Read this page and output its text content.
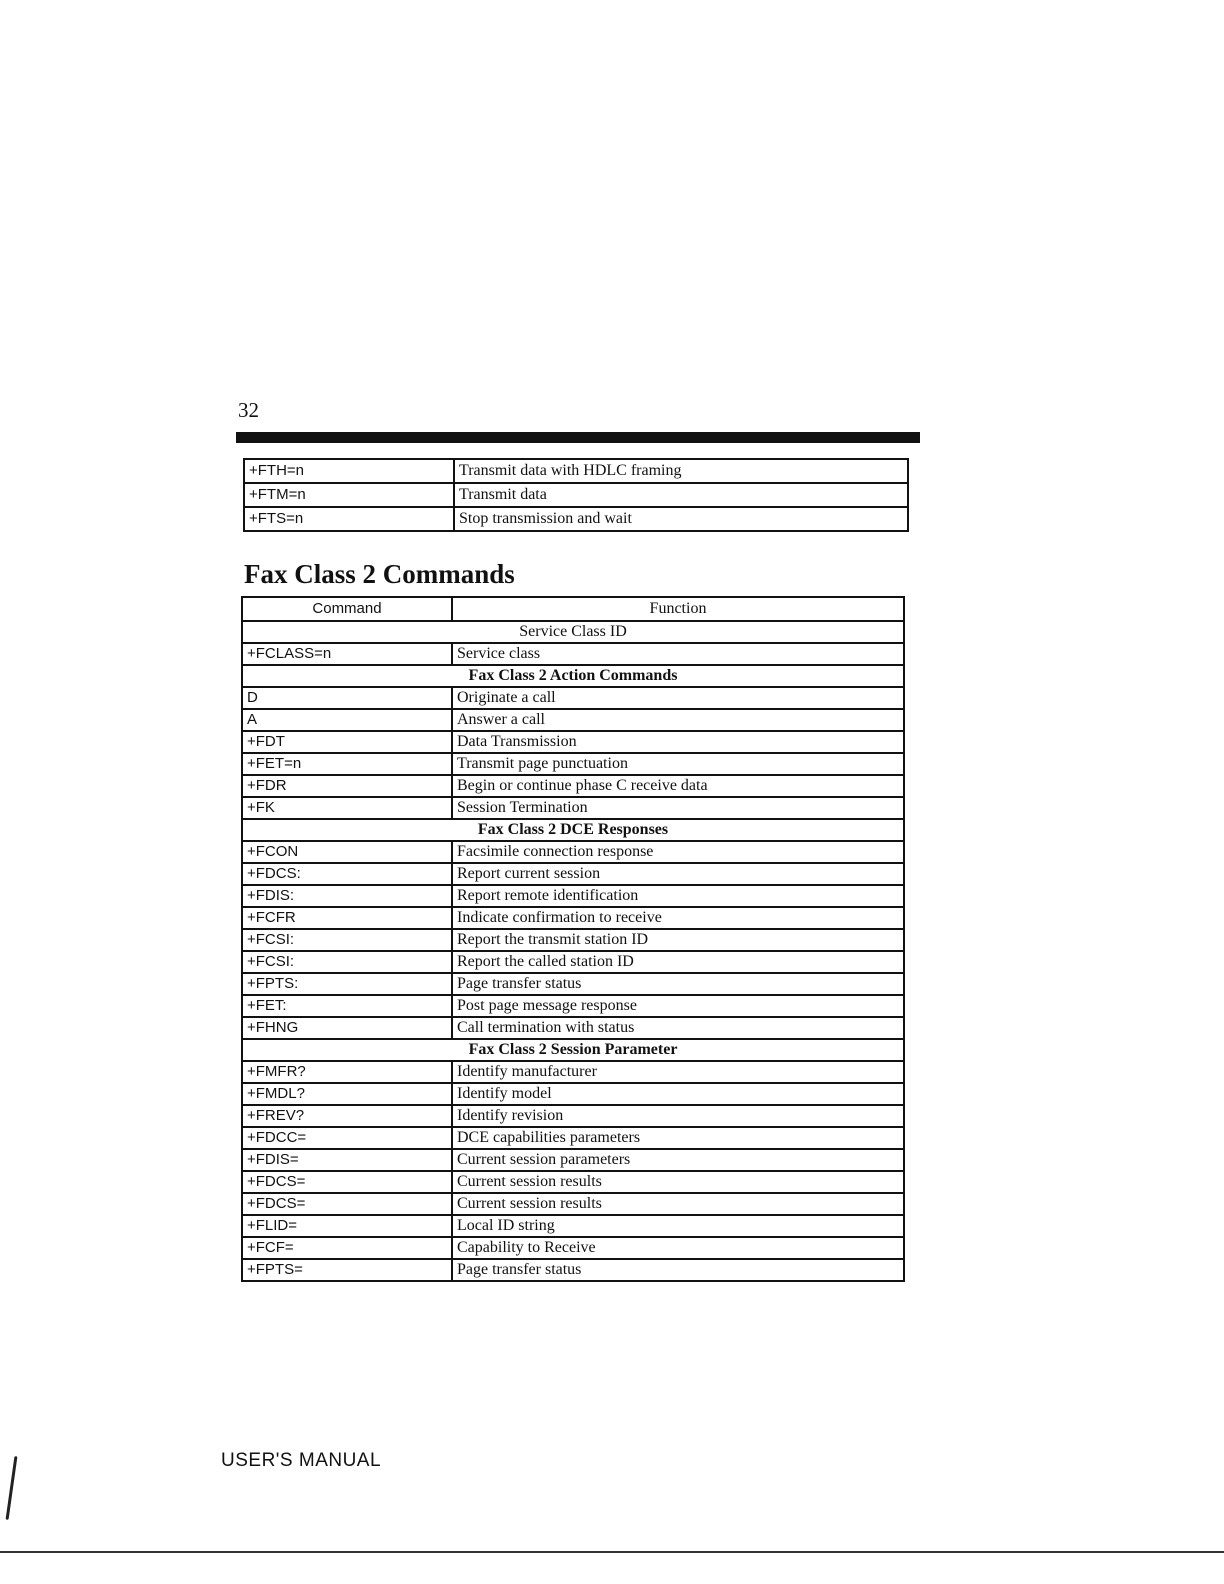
32
+FTH=n	Transmit data with HDLC framing
+FTM=n	Transmit data
+FTS=n	Stop transmission and wait
Fax Class 2 Commands
Command	Function
Service Class ID	
+FCLASS=n	Service class
Fax Class 2 Action Commands	
D	Originate a call
A	Answer a call
+FDT	Data Transmission
+FET=n	Transmit page punctuation
+FDR	Begin or continue phase C receive data
+FK	Session Termination
Fax Class 2 DCE Responses	
+FCON	Facsimile connection response
+FDCS:	Report current session
+FDIS:	Report remote identification
+FCFR	Indicate confirmation to receive
+FCSI:	Report the transmit station ID
+FCSI:	Report the called station ID
+FPTS:	Page transfer status
+FET:	Post page message response
+FHNG	Call termination with status
Fax Class 2 Session Parameter	
+FMFR?	Identify manufacturer
+FMDL?	Identify model
+FREV?	Identify revision
+FDCC=	DCE capabilities parameters
+FDIS=	Current session parameters
+FDCS=	Current session results
+FDCS=	Current session results
+FLID=	Local ID string
+FCF=	Capability to Receive
+FPTS=	Page transfer status
USER'S MANUAL
